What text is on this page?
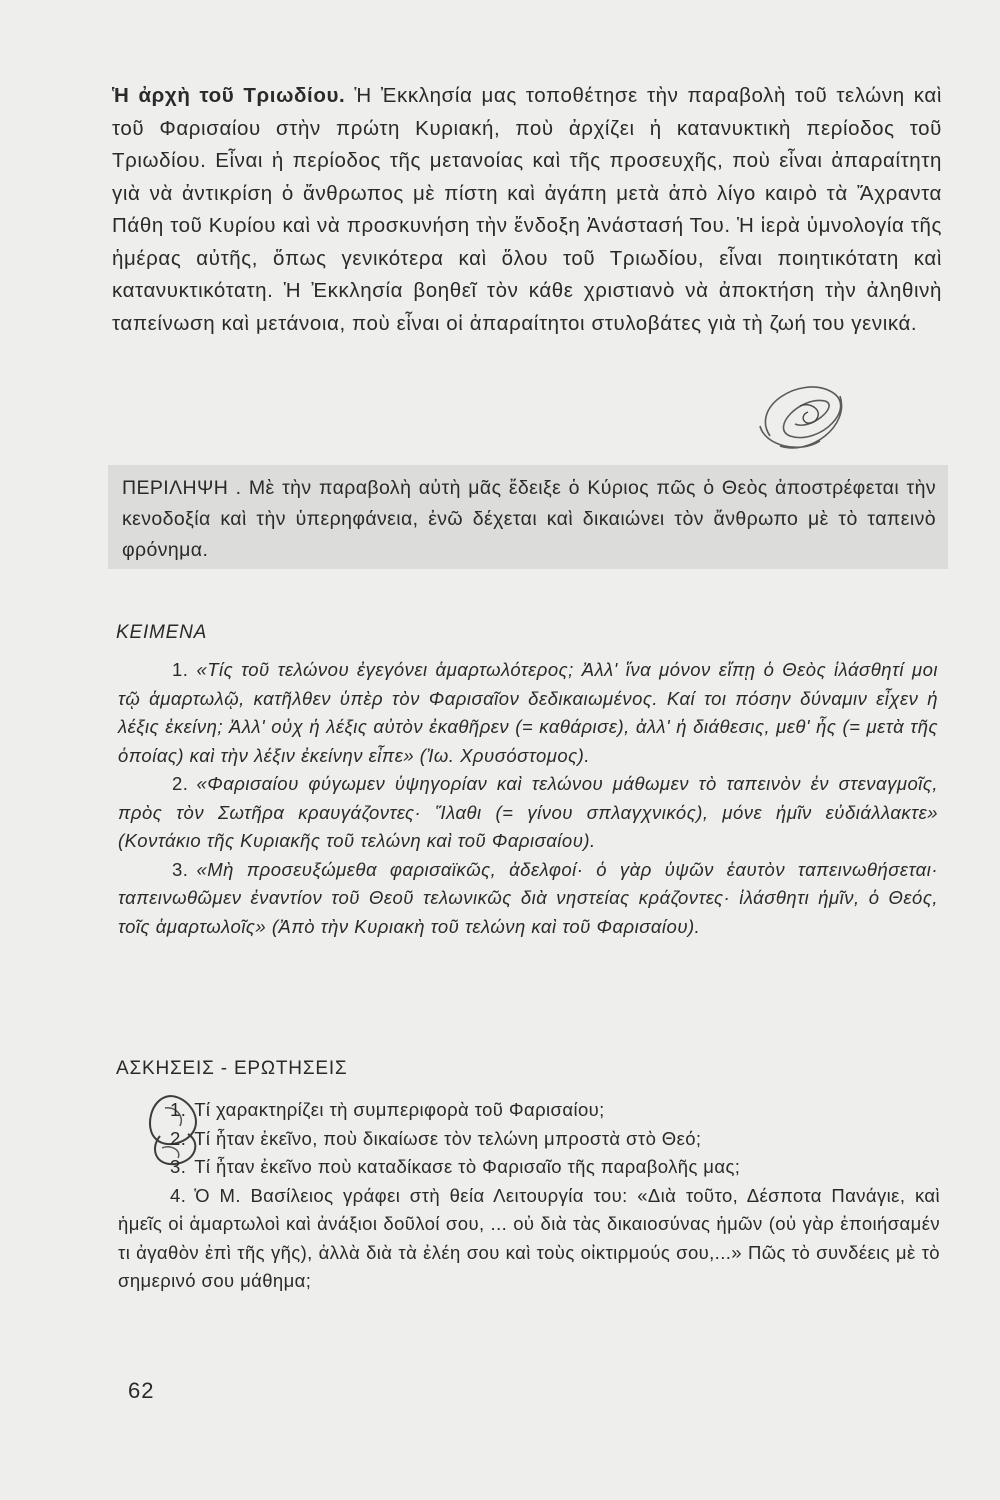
Ἡ ἀρχὴ τοῦ Τριωδίου. Ἡ Ἐκκλησία μας τοποθέτησε τὴν παραβολὴ τοῦ τελώνη καὶ τοῦ Φαρισαίου στὴν πρώτη Κυριακή, ποὺ ἀρχίζει ἡ κατανυκτικὴ περίοδος τοῦ Τριωδίου. Εἶναι ἡ περίοδος τῆς μετανοίας καὶ τῆς προσευχῆς, ποὺ εἶναι ἀπαραίτητη γιὰ νὰ ἀντικρίση ὁ ἄνθρωπος μὲ πίστη καὶ ἀγάπη μετὰ ἀπὸ λίγο καιρὸ τὰ Ἄχραντα Πάθη τοῦ Κυρίου καὶ νὰ προσκυνήση τὴν ἔνδοξη Ἀνάστασή Του. Ἡ ἱερὰ ὑμνολογία τῆς ἡμέρας αὐτῆς, ὅπως γενικότερα καὶ ὅλου τοῦ Τριωδίου, εἶναι ποιητικότατη καὶ κατανυκτικότατη. Ἡ Ἐκκλησία βοηθεῖ τὸν κάθε χριστιανὸ νὰ ἀποκτήση τὴν ἀληθινὴ ταπείνωση καὶ μετάνοια, ποὺ εἶναι οἱ ἀπαραίτητοι στυλοβάτες γιὰ τὴ ζωή του γενικά.

ΠΕΡΙΛΗΨΗ . Μὲ τὴν παραβολὴ αὐτὴ μᾶς ἔδειξε ὁ Κύριος πῶς ὁ Θεὸς ἀποστρέφεται τὴν κενοδοξία καὶ τὴν ὑπερηφάνεια, ἐνῶ δέχεται καὶ δικαιώνει τὸν ἄνθρωπο μὲ τὸ ταπεινὸ φρόνημα.
ΚΕΙΜΕΝΑ

1. «Τίς τοῦ τελώνου ἐγεγόνει ἁμαρτωλότερος; Ἀλλ' ἵνα μόνον εἴπῃ ὁ Θεὸς ἱλάσθητί μοι τῷ ἁμαρτωλῷ, κατῆλθεν ὑπὲρ τὸν Φαρισαῖον δεδικαιωμένος. Καί τοι πόσην δύναμιν εἶχεν ἡ λέξις ἐκείνη; Ἀλλ' οὐχ ἡ λέξις αὐτὸν ἐκαθῆρεν (= καθάρισε), ἀλλ' ἡ διάθεσις, μεθ' ἧς (= μετὰ τῆς ὁποίας) καὶ τὴν λέξιν ἐκείνην εἶπε» (Ἰω. Χρυσόστομος).

2. «Φαρισαίου φύγωμεν ὑψηγορίαν καὶ τελώνου μάθωμεν τὸ ταπεινὸν ἐν στεναγμοῖς, πρὸς τὸν Σωτῆρα κραυγάζοντες· Ἵλαθι (= γίνου σπλαγχνικός), μόνε ἡμῖν εὐδιάλλακτε» (Κοντάκιο τῆς Κυριακῆς τοῦ τελώνη καὶ τοῦ Φαρισαίου).

3. «Μὴ προσευξώμεθα φαρισαϊκῶς, ἀδελφοί· ὁ γὰρ ὑψῶν ἑαυτὸν ταπεινωθήσεται· ταπεινωθῶμεν ἐναντίον τοῦ Θεοῦ τελωνικῶς διὰ νηστείας κράζοντες· ἱλάσθητι ἡμῖν, ὁ Θεός, τοῖς ἁμαρτωλοῖς» (Ἀπὸ τὴν Κυριακὴ τοῦ τελώνη καὶ τοῦ Φαρισαίου).

ΑΣΚΗΣΕΙΣ - ΕΡΩΤΗΣΕΙΣ

1. Τί χαρακτηρίζει τὴ συμπεριφορὰ τοῦ Φαρισαίου;

2. Τί ἦταν ἐκεῖνο, ποὺ δικαίωσε τὸν τελώνη μπροστὰ στὸ Θεό;

3. Τί ἦταν ἐκεῖνο ποὺ καταδίκασε τὸ Φαρισαῖο τῆς παραβολῆς μας;

4. Ὁ Μ. Βασίλειος γράφει στὴ θεία Λειτουργία του: «Διὰ τοῦτο, Δέσποτα Πανάγιε, καὶ ἡμεῖς οἱ ἁμαρτωλοὶ καὶ ἀνάξιοι δοῦλοί σου, ... οὐ διὰ τὰς δικαιοσύνας ἡμῶν (οὐ γὰρ ἐποιήσαμέν τι ἀγαθὸν ἐπὶ τῆς γῆς), ἀλλὰ διὰ τὰ ἐλέη σου καὶ τοὺς οἰκτιρμούς σου,...» Πῶς τὸ συνδέεις μὲ τὸ σημερινό σου μάθημα;

62
